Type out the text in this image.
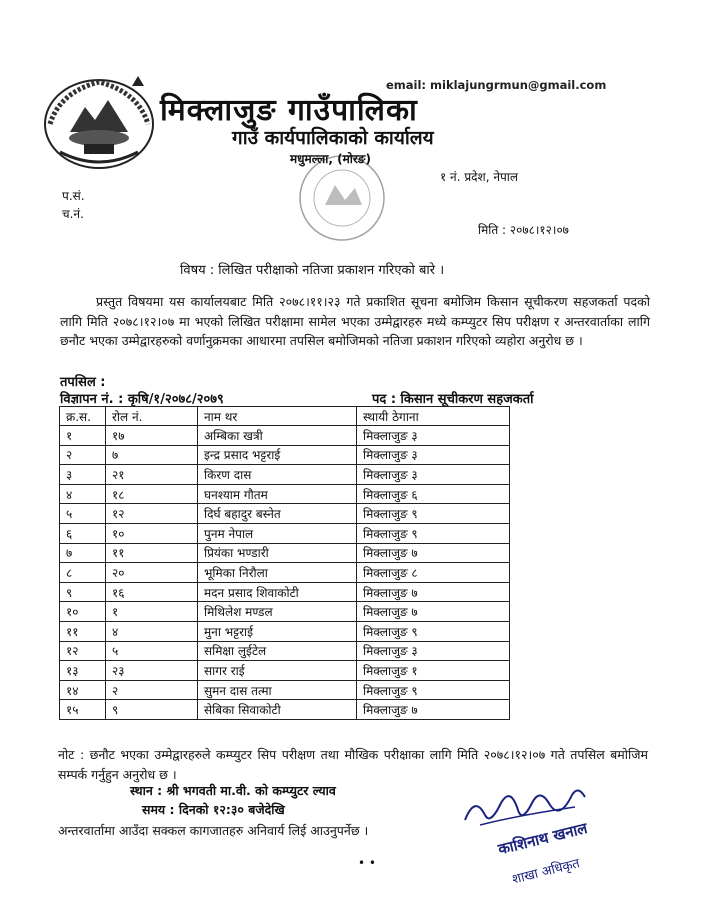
email: miklajungrmun@gmail.com
मिक्लाजुङ गाउँपालिका
गाउँ कार्यपालिकाको कार्यालय
मधुमल्ला, (मोरङ)
१ नं. प्रदेश, नेपाल
प.सं.
च.नं.
मिति : २०७८।१२।०७
विषय : लिखित परीक्षाको नतिजा प्रकाशन गरिएको बारे ।
प्रस्तुत विषयमा यस कार्यालयबाट मिति २०७८।११।२३ गते प्रकाशित सूचना बमोजिम किसान सूचीकरण सहजकर्ता पदको लागि मिति २०७८।१२।०७ मा भएको लिखित परीक्षामा सामेल भएका उम्मेद्वारहरु मध्ये कम्प्युटर सिप परीक्षण र अन्तरवार्ताका लागि छनौट भएका उम्मेद्वारहरुको वर्णानुक्रमका आधारमा तपसिल बमोजिमको नतिजा प्रकाशन गरिएको व्यहोरा अनुरोध छ ।
तपसिल :
विज्ञापन नं. : कृषि/१/२०७८/२०७९	पद : किसान सूचीकरण सहजकर्ता
क्र.स.	रोल नं.	नाम थर	स्थायी ठेगाना
१	१७	अम्बिका खत्री	मिक्लाजुङ ३
२	७	इन्द्र प्रसाद भट्टराई	मिक्लाजुङ ३
३	२१	किरण दास	मिक्लाजुङ ३
४	१८	घनश्याम गौतम	मिक्लाजुङ ६
५	१२	दिर्घ बहादुर बस्नेत	मिक्लाजुङ ९
६	१०	पुनम नेपाल	मिक्लाजुङ ९
७	११	प्रियंका भण्डारी	मिक्लाजुङ ७
८	२०	भूमिका निरौला	मिक्लाजुङ ८
९	१६	मदन प्रसाद शिवाकोटी	मिक्लाजुङ ७
१०	१	मिथिलेश मण्डल	मिक्लाजुङ ७
११	४	मुना भट्टराई	मिक्लाजुङ ९
१२	५	समिक्षा लुईटेल	मिक्लाजुङ ३
१३	२३	सागर राई	मिक्लाजुङ १
१४	२	सुमन दास तत्मा	मिक्लाजुङ ९
१५	९	सेबिका सिवाकोटी	मिक्लाजुङ ७
नोट : छनौट भएका उम्मेद्वारहरुले कम्प्युटर सिप परीक्षण तथा मौखिक परीक्षाका लागि मिति २०७८।१२।०७ गते तपसिल बमोजिम सम्पर्क गर्नुहुन अनुरोध छ ।
स्थान : श्री भगवती मा.वी. को कम्प्युटर ल्याव
समय : दिनको १२:३० बजेदेखि
अन्तरवार्तामा आउँदा सक्कल कागजातहरु अनिवार्य लिई आउनुपर्नेछ ।
• •
काशिनाथ खनाल
शाखा अधिकृत
